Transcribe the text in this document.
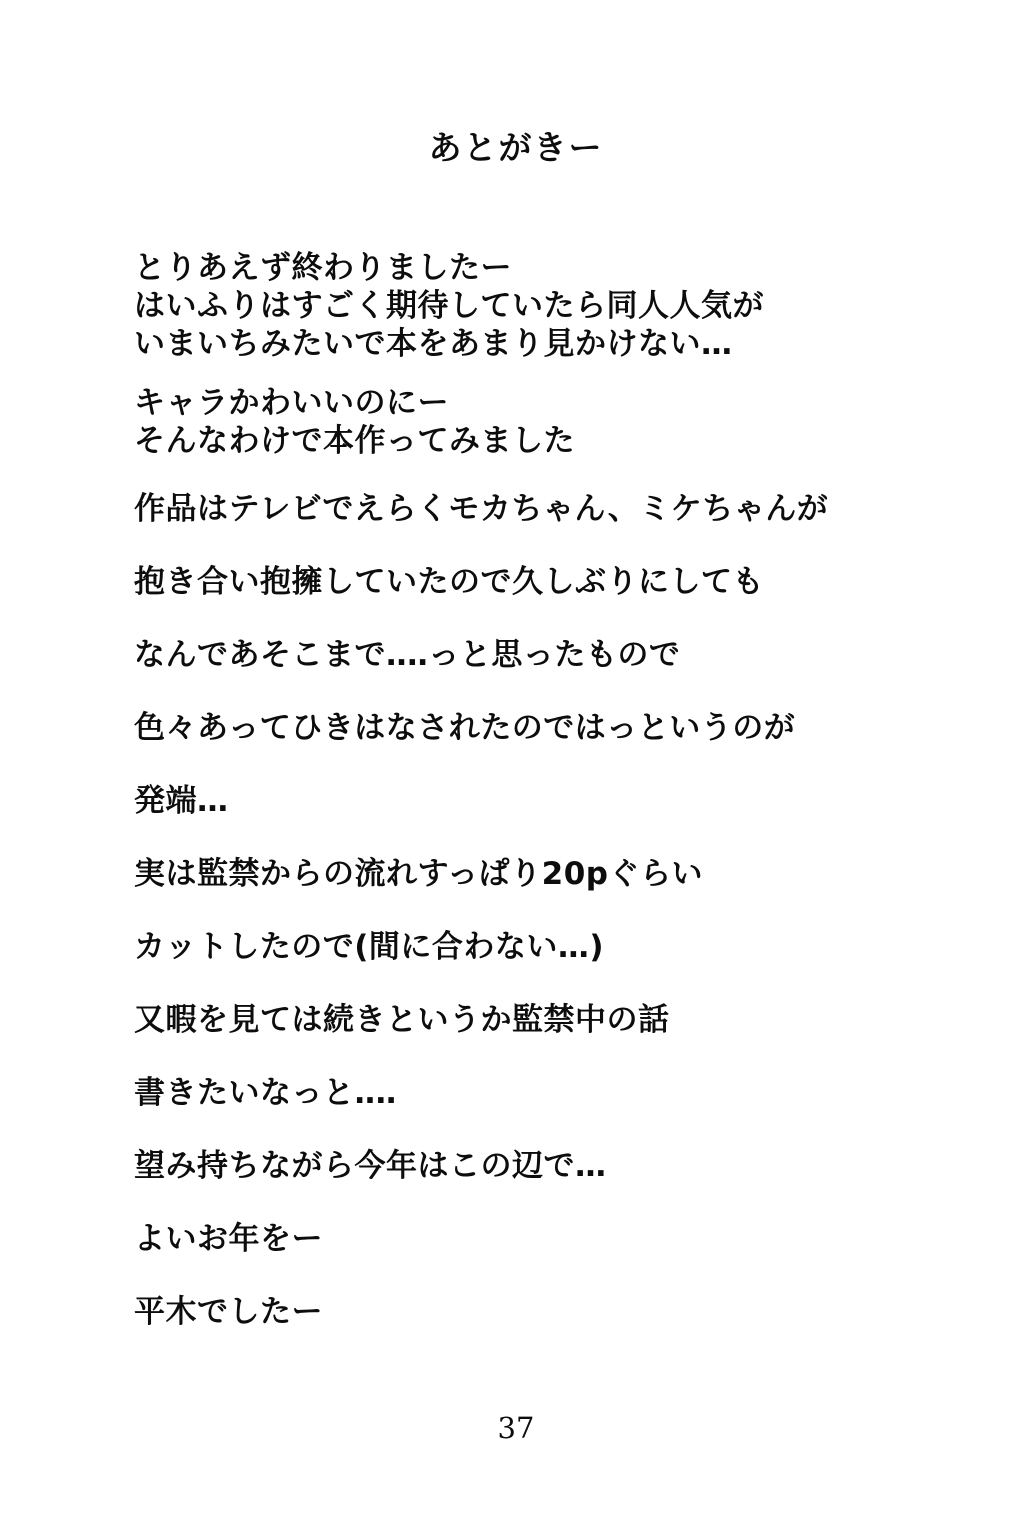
あとがきー
とりあえず終わりましたー
はいふりはすごく期待していたら同人人気が
いまいちみたいで本をあまり見かけない…
キャラかわいいのにー
そんなわけで本作ってみました
作品はテレビでえらくモカちゃん、ミケちゃんが
抱き合い抱擁していたので久しぶりにしても
なんであそこまで‥‥っと思ったもので
色々あってひきはなされたのではっというのが
発端…
実は監禁からの流れすっぱり20pぐらい
カットしたので(間に合わない…)
又暇を見ては続きというか監禁中の話
書きたいなっと‥‥
望み持ちながら今年はこの辺で…
よいお年をー
平木でしたー
37
